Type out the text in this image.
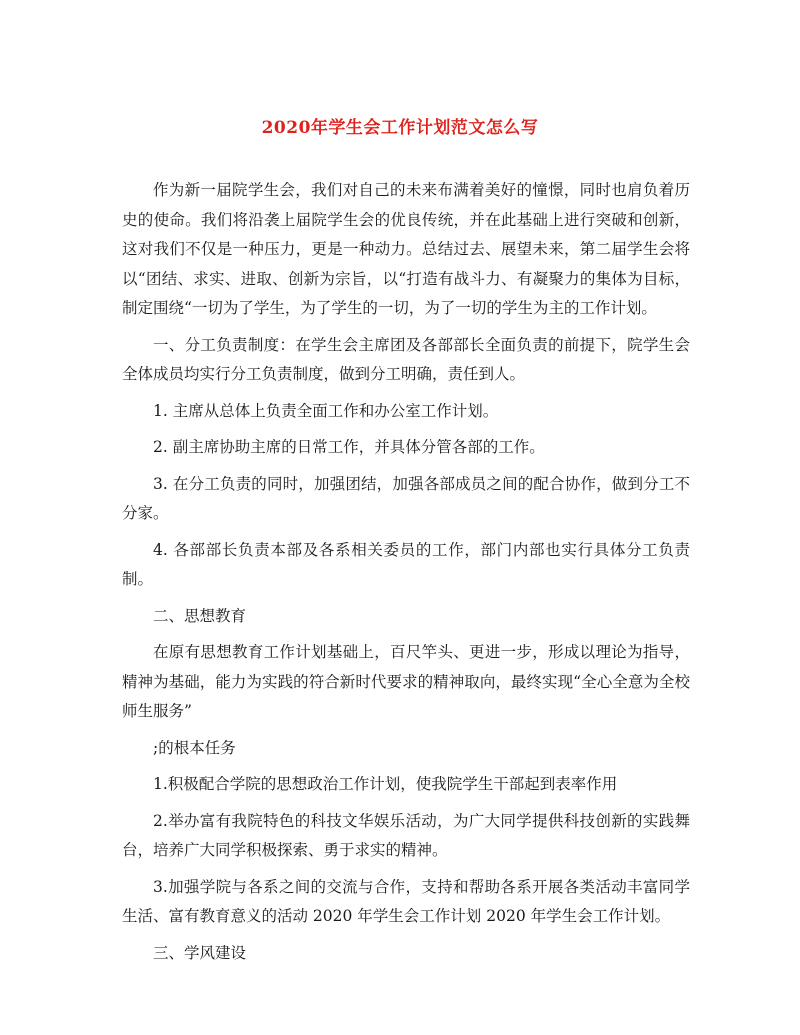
2020年学生会工作计划范文怎么写

作为新一届院学生会，我们对自己的未来布满着美好的憧憬，同时也肩负着历史的使命。我们将沿袭上届院学生会的优良传统，并在此基础上进行突破和创新，这对我们不仅是一种压力，更是一种动力。总结过去、展望未来，第二届学生会将以“团结、求实、进取、创新为宗旨，以“打造有战斗力、有凝聚力的集体为目标，制定围绕“一切为了学生，为了学生的一切，为了一切的学生为主的工作计划。

一、分工负责制度：在学生会主席团及各部部长全面负责的前提下，院学生会全体成员均实行分工负责制度，做到分工明确，责任到人。

1. 主席从总体上负责全面工作和办公室工作计划。

2. 副主席协助主席的日常工作，并具体分管各部的工作。

3. 在分工负责的同时，加强团结，加强各部成员之间的配合协作，做到分工不分家。

4. 各部部长负责本部及各系相关委员的工作，部门内部也实行具体分工负责制。

二、思想教育

在原有思想教育工作计划基础上，百尺竿头、更进一步，形成以理论为指导，精神为基础，能力为实践的符合新时代要求的精神取向，最终实现“全心全意为全校师生服务”

;的根本任务

1.积极配合学院的思想政治工作计划，使我院学生干部起到表率作用

2.举办富有我院特色的科技文华娱乐活动，为广大同学提供科技创新的实践舞台，培养广大同学积极探索、勇于求实的精神。

3.加强学院与各系之间的交流与合作，支持和帮助各系开展各类活动丰富同学生活、富有教育意义的活动 2020 年学生会工作计划 2020 年学生会工作计划。

三、学风建设
